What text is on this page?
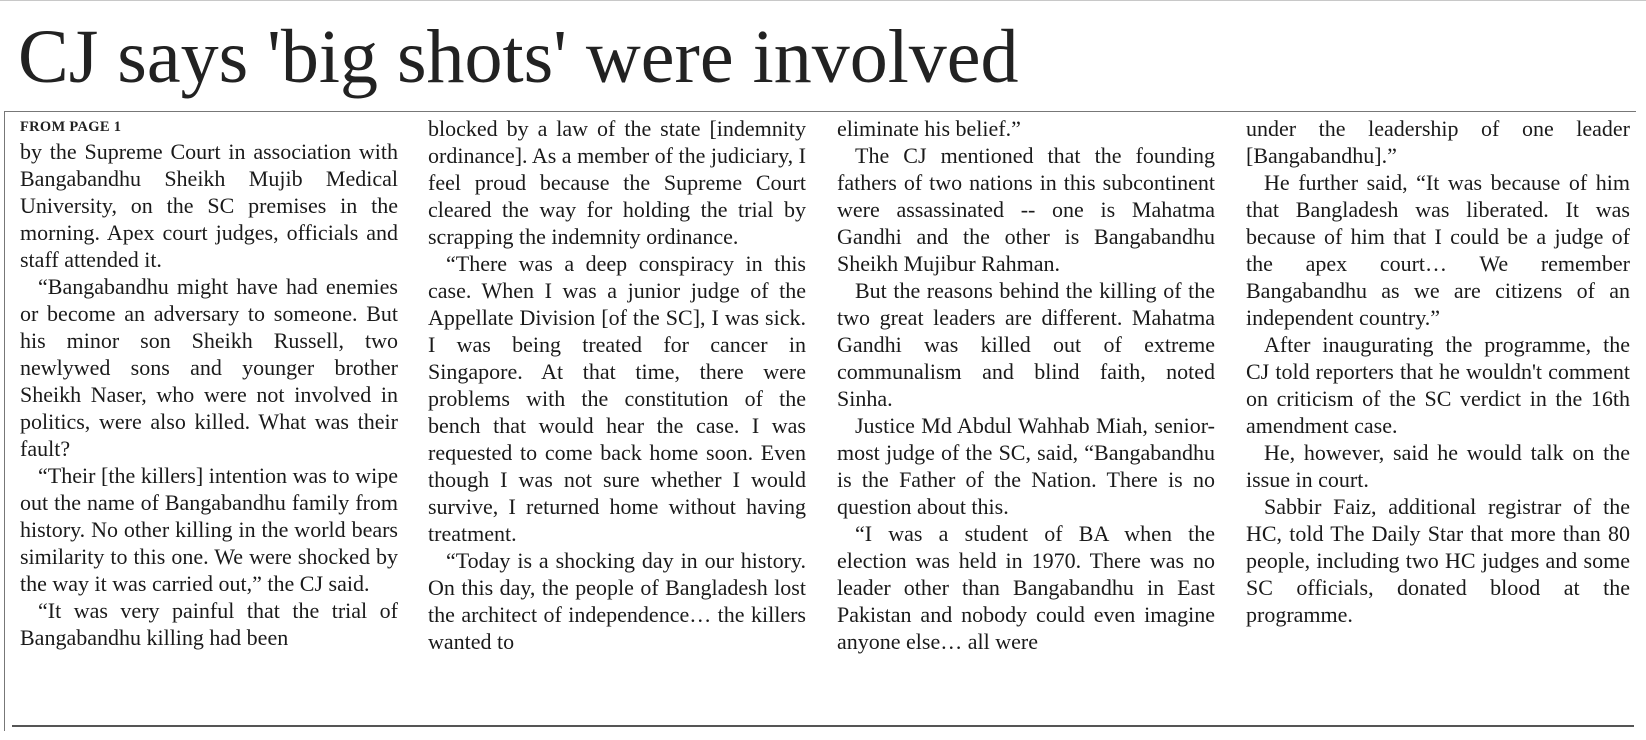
CJ says 'big shots' were involved
FROM PAGE 1

by the Supreme Court in association with Bangabandhu Sheikh Mujib Medical University, on the SC premises in the morning. Apex court judges, officials and staff attended it.

“Bangabandhu might have had enemies or become an adversary to someone. But his minor son Sheikh Russell, two newlywed sons and younger brother Sheikh Naser, who were not involved in politics, were also killed. What was their fault?

“Their [the killers] intention was to wipe out the name of Bangabandhu family from history. No other killing in the world bears similarity to this one. We were shocked by the way it was carried out,” the CJ said.

“It was very painful that the trial of Bangabandhu killing had been

blocked by a law of the state [indemnity ordinance]. As a member of the judiciary, I feel proud because the Supreme Court cleared the way for holding the trial by scrapping the indemnity ordinance.

“There was a deep conspiracy in this case. When I was a junior judge of the Appellate Division [of the SC], I was sick. I was being treated for cancer in Singapore. At that time, there were problems with the constitution of the bench that would hear the case. I was requested to come back home soon. Even though I was not sure whether I would survive, I returned home without having treatment.

“Today is a shocking day in our history. On this day, the people of Bangladesh lost the architect of independence… the killers wanted to

eliminate his belief.”

The CJ mentioned that the founding fathers of two nations in this subcontinent were assassinated -- one is Mahatma Gandhi and the other is Bangabandhu Sheikh Mujibur Rahman.

But the reasons behind the killing of the two great leaders are different. Mahatma Gandhi was killed out of extreme communalism and blind faith, noted Sinha.

Justice Md Abdul Wahhab Miah, senior-most judge of the SC, said, “Bangabandhu is the Father of the Nation. There is no question about this.

“I was a student of BA when the election was held in 1970. There was no leader other than Bangabandhu in East Pakistan and nobody could even imagine anyone else… all were

under the leadership of one leader [Bangabandhu].”

He further said, “It was because of him that Bangladesh was liberated. It was because of him that I could be a judge of the apex court… We remember Bangabandhu as we are citizens of an independent country.”

After inaugurating the programme, the CJ told reporters that he wouldn't comment on criticism of the SC verdict in the 16th amendment case.

He, however, said he would talk on the issue in court.

Sabbir Faiz, additional registrar of the HC, told The Daily Star that more than 80 people, including two HC judges and some SC officials, donated blood at the programme.
